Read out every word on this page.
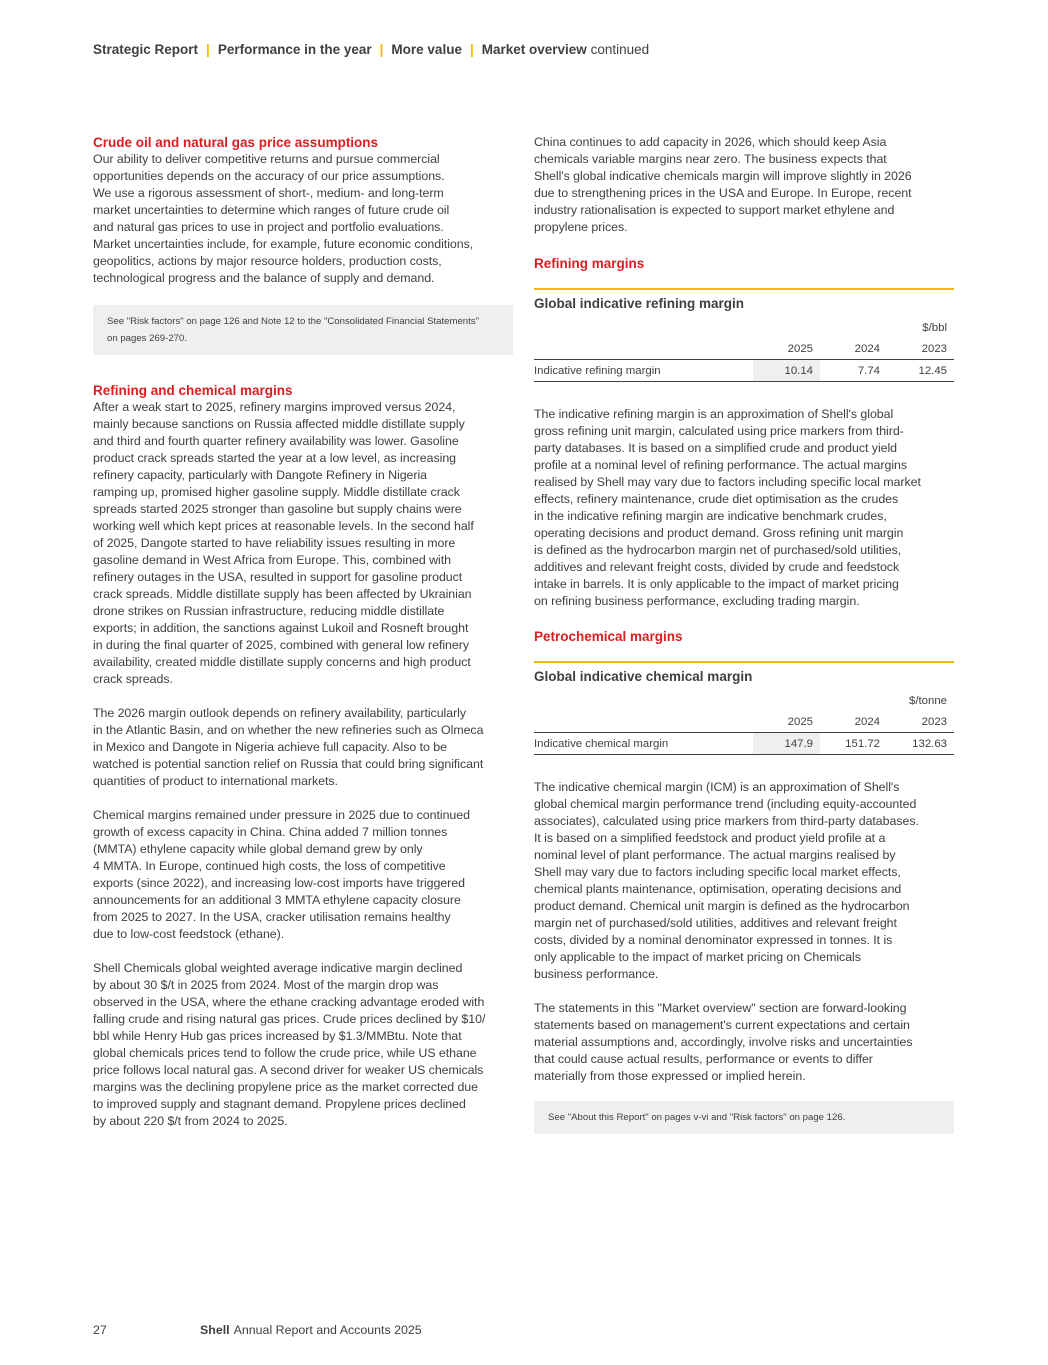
Strategic Report | Performance in the year | More value | Market overview continued
Crude oil and natural gas price assumptions
Our ability to deliver competitive returns and pursue commercial
opportunities depends on the accuracy of our price assumptions.
We use a rigorous assessment of short-, medium- and long-term
market uncertainties to determine which ranges of future crude oil
and natural gas prices to use in project and portfolio evaluations.
Market uncertainties include, for example, future economic conditions,
geopolitics, actions by major resource holders, production costs,
technological progress and the balance of supply and demand.
See "Risk factors" on page 126 and Note 12 to the "Consolidated Financial Statements"
on pages 269-270.
Refining and chemical margins
After a weak start to 2025, refinery margins improved versus 2024,
mainly because sanctions on Russia affected middle distillate supply
and third and fourth quarter refinery availability was lower. Gasoline
product crack spreads started the year at a low level, as increasing
refinery capacity, particularly with Dangote Refinery in Nigeria
ramping up, promised higher gasoline supply. Middle distillate crack
spreads started 2025 stronger than gasoline but supply chains were
working well which kept prices at reasonable levels. In the second half
of 2025, Dangote started to have reliability issues resulting in more
gasoline demand in West Africa from Europe. This, combined with
refinery outages in the USA, resulted in support for gasoline product
crack spreads. Middle distillate supply has been affected by Ukrainian
drone strikes on Russian infrastructure, reducing middle distillate
exports; in addition, the sanctions against Lukoil and Rosneft brought
in during the final quarter of 2025, combined with general low refinery
availability, created middle distillate supply concerns and high product
crack spreads.
The 2026 margin outlook depends on refinery availability, particularly
in the Atlantic Basin, and on whether the new refineries such as Olmeca
in Mexico and Dangote in Nigeria achieve full capacity. Also to be
watched is potential sanction relief on Russia that could bring significant
quantities of product to international markets.
Chemical margins remained under pressure in 2025 due to continued
growth of excess capacity in China. China added 7 million tonnes
(MMTA) ethylene capacity while global demand grew by only
4 MMTA. In Europe, continued high costs, the loss of competitive
exports (since 2022), and increasing low-cost imports have triggered
announcements for an additional 3 MMTA ethylene capacity closure
from 2025 to 2027. In the USA, cracker utilisation remains healthy
due to low-cost feedstock (ethane).
Shell Chemicals global weighted average indicative margin declined
by about 30 $/t in 2025 from 2024. Most of the margin drop was
observed in the USA, where the ethane cracking advantage eroded with
falling crude and rising natural gas prices. Crude prices declined by $10/
bbl while Henry Hub gas prices increased by $1.3/MMBtu. Note that
global chemicals prices tend to follow the crude price, while US ethane
price follows local natural gas. A second driver for weaker US chemicals
margins was the declining propylene price as the market corrected due
to improved supply and stagnant demand. Propylene prices declined
by about 220 $/t from 2024 to 2025.
China continues to add capacity in 2026, which should keep Asia
chemicals variable margins near zero. The business expects that
Shell's global indicative chemicals margin will improve slightly in 2026
due to strengthening prices in the USA and Europe. In Europe, recent
industry rationalisation is expected to support market ethylene and
propylene prices.
Refining margins
Global indicative refining margin
			$/bbl
	2025	2024	2023
Indicative refining margin	10.14	7.74	12.45
The indicative refining margin is an approximation of Shell's global
gross refining unit margin, calculated using price markers from third-
party databases. It is based on a simplified crude and product yield
profile at a nominal level of refining performance. The actual margins
realised by Shell may vary due to factors including specific local market
effects, refinery maintenance, crude diet optimisation as the crudes
in the indicative refining margin are indicative benchmark crudes,
operating decisions and product demand. Gross refining unit margin
is defined as the hydrocarbon margin net of purchased/sold utilities,
additives and relevant freight costs, divided by crude and feedstock
intake in barrels. It is only applicable to the impact of market pricing
on refining business performance, excluding trading margin.
Petrochemical margins
Global indicative chemical margin
			$/tonne
	2025	2024	2023
Indicative chemical margin	147.9	151.72	132.63
The indicative chemical margin (ICM) is an approximation of Shell's
global chemical margin performance trend (including equity-accounted
associates), calculated using price markers from third-party databases.
It is based on a simplified feedstock and product yield profile at a
nominal level of plant performance. The actual margins realised by
Shell may vary due to factors including specific local market effects,
chemical plants maintenance, optimisation, operating decisions and
product demand. Chemical unit margin is defined as the hydrocarbon
margin net of purchased/sold utilities, additives and relevant freight
costs, divided by a nominal denominator expressed in tonnes. It is
only applicable to the impact of market pricing on Chemicals
business performance.
The statements in this "Market overview" section are forward-looking
statements based on management's current expectations and certain
material assumptions and, accordingly, involve risks and uncertainties
that could cause actual results, performance or events to differ
materially from those expressed or implied herein.
See "About this Report" on pages v-vi and "Risk factors" on page 126.
27	Shell Annual Report and Accounts 2025
